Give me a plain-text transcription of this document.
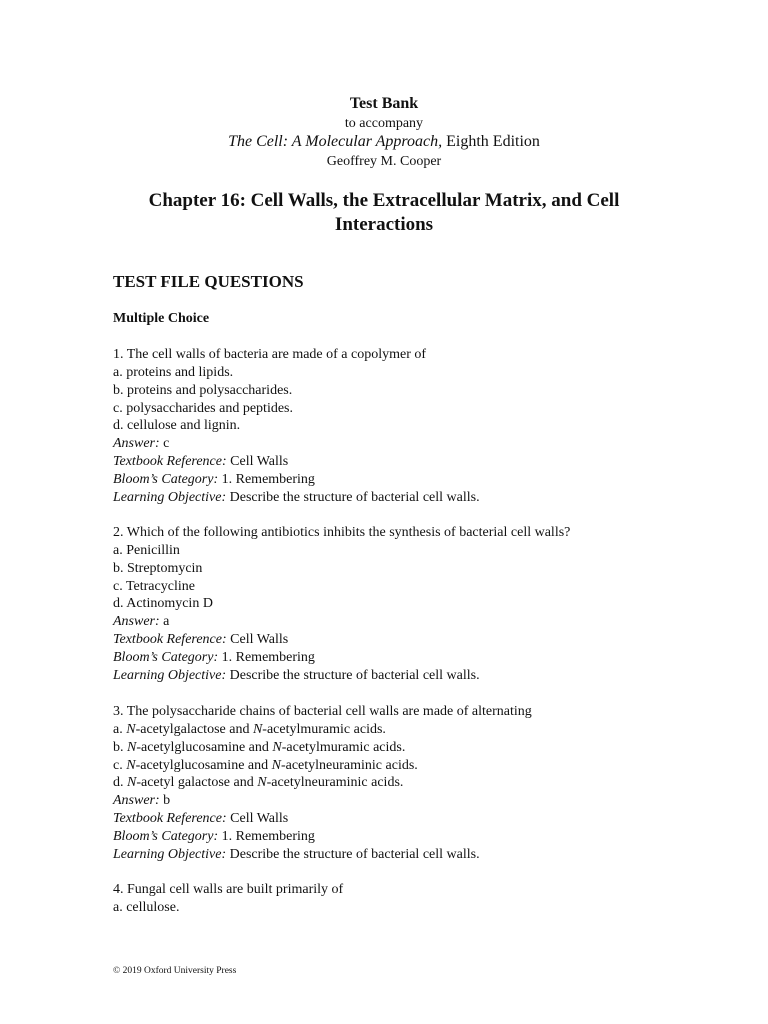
Test Bank
to accompany
The Cell: A Molecular Approach, Eighth Edition
Geoffrey M. Cooper
Chapter 16: Cell Walls, the Extracellular Matrix, and Cell Interactions
TEST FILE QUESTIONS
Multiple Choice
1. The cell walls of bacteria are made of a copolymer of
a. proteins and lipids.
b. proteins and polysaccharides.
c. polysaccharides and peptides.
d. cellulose and lignin.
Answer: c
Textbook Reference: Cell Walls
Bloom’s Category: 1. Remembering
Learning Objective: Describe the structure of bacterial cell walls.
2. Which of the following antibiotics inhibits the synthesis of bacterial cell walls?
a. Penicillin
b. Streptomycin
c. Tetracycline
d. Actinomycin D
Answer: a
Textbook Reference: Cell Walls
Bloom’s Category: 1. Remembering
Learning Objective: Describe the structure of bacterial cell walls.
3. The polysaccharide chains of bacterial cell walls are made of alternating
a. N-acetylgalactose and N-acetylmuramic acids.
b. N-acetylglucosamine and N-acetylmuramic acids.
c. N-acetylglucosamine and N-acetylneuraminic acids.
d. N-acetyl galactose and N-acetylneuraminic acids.
Answer: b
Textbook Reference: Cell Walls
Bloom’s Category: 1. Remembering
Learning Objective: Describe the structure of bacterial cell walls.
4. Fungal cell walls are built primarily of
a. cellulose.
© 2019 Oxford University Press
